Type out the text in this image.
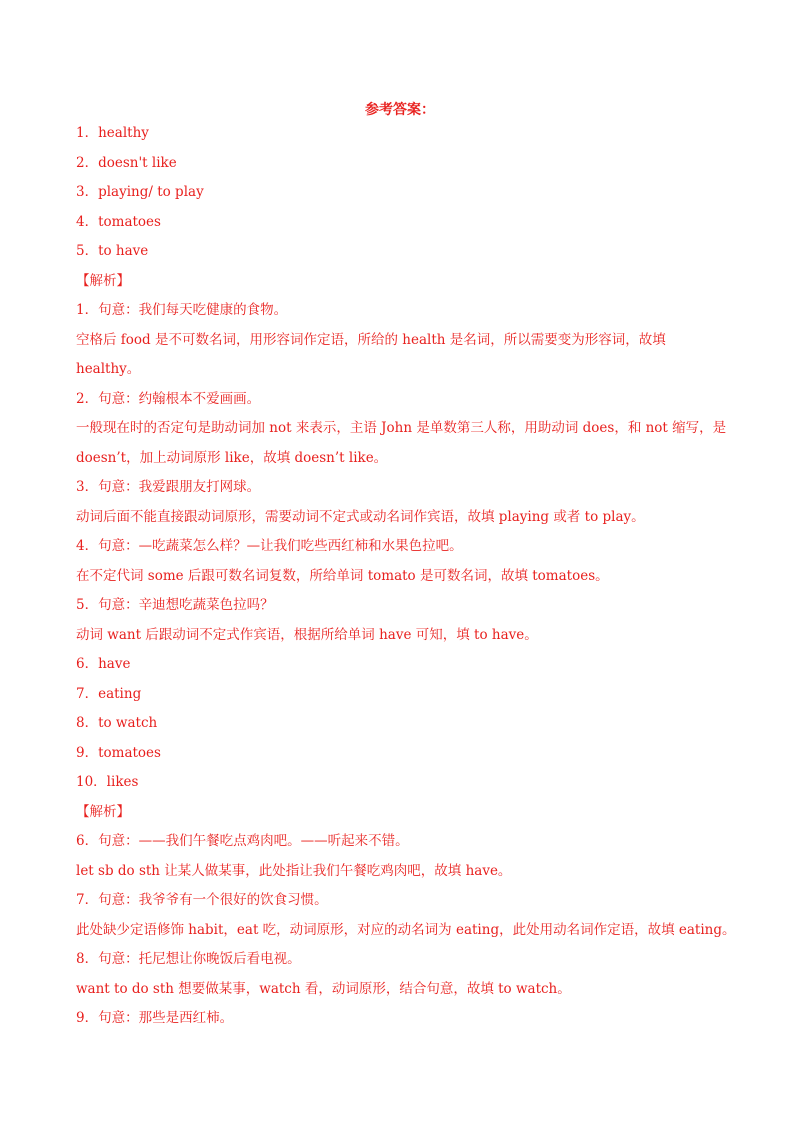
参考答案：
1．healthy
2．doesn't like
3．playing/ to play
4．tomatoes
5．to have
【解析】
1．句意：我们每天吃健康的食物。
空格后 food 是不可数名词，用形容词作定语，所给的 health 是名词，所以需要变为形容词，故填
healthy。
2．句意：约翰根本不爱画画。
一般现在时的否定句是助动词加 not 来表示，主语 John 是单数第三人称，用助动词 does，和 not 缩写，是
doesn’t，加上动词原形 like，故填 doesn’t like。
3．句意：我爱跟朋友打网球。
动词后面不能直接跟动词原形，需要动词不定式或动名词作宾语，故填 playing 或者 to play。
4．句意：—吃蔬菜怎么样？—让我们吃些西红柿和水果色拉吧。
在不定代词 some 后跟可数名词复数，所给单词 tomato 是可数名词，故填 tomatoes。
5．句意：辛迪想吃蔬菜色拉吗？
动词 want 后跟动词不定式作宾语，根据所给单词 have 可知，填 to have。
6．have
7．eating
8．to watch
9．tomatoes
10．likes
【解析】
6．句意：——我们午餐吃点鸡肉吧。——听起来不错。
let sb do sth 让某人做某事，此处指让我们午餐吃鸡肉吧，故填 have。
7．句意：我爷爷有一个很好的饮食习惯。
此处缺少定语修饰 habit，eat 吃，动词原形，对应的动名词为 eating，此处用动名词作定语，故填 eating。
8．句意：托尼想让你晚饭后看电视。
want to do sth 想要做某事，watch 看，动词原形，结合句意，故填 to watch。
9．句意：那些是西红柿。
